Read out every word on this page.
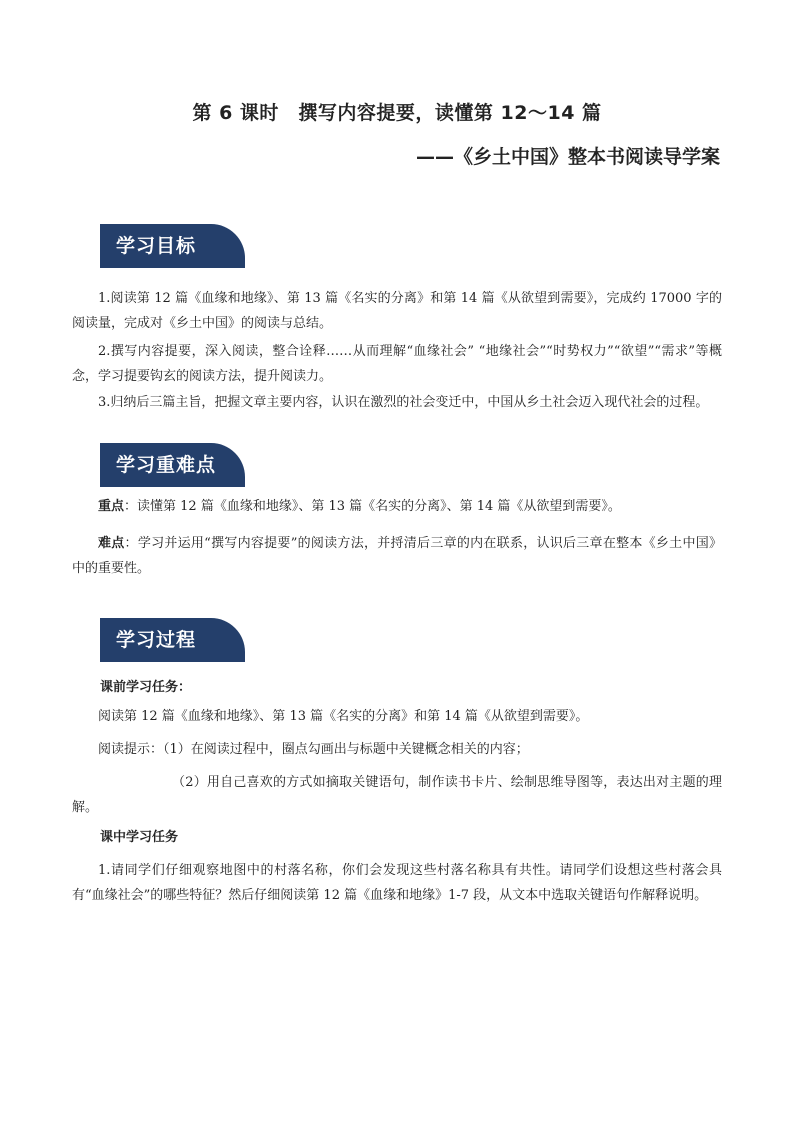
第 6 课时　撰写内容提要，读懂第 12～14 篇
——《乡土中国》整本书阅读导学案
学习目标
1.阅读第 12 篇《血缘和地缘》、第 13 篇《名实的分离》和第 14 篇《从欲望到需要》，完成约 17000 字的阅读量，完成对《乡土中国》的阅读与总结。
2.撰写内容提要，深入阅读，整合诠释……从而理解“血缘社会” “地缘社会”“时势权力”“欲望”“需求”等概念，学习提要钩玄的阅读方法，提升阅读力。
3.归纳后三篇主旨，把握文章主要内容，认识在激烈的社会变迁中，中国从乡土社会迈入现代社会的过程。
学习重难点
重点：读懂第 12 篇《血缘和地缘》、第 13 篇《名实的分离》、第 14 篇《从欲望到需要》。
难点：学习并运用“撰写内容提要”的阅读方法，并捋清后三章的内在联系，认识后三章在整本《乡土中国》中的重要性。
学习过程
课前学习任务：
阅读第 12 篇《血缘和地缘》、第 13 篇《名实的分离》和第 14 篇《从欲望到需要》。
阅读提示：（1）在阅读过程中，圈点勾画出与标题中关键概念相关的内容；
（2）用自己喜欢的方式如摘取关键语句，制作读书卡片、绘制思维导图等，表达出对主题的理解。
课中学习任务
1.请同学们仔细观察地图中的村落名称，你们会发现这些村落名称具有共性。请同学们设想这些村落会具有“血缘社会”的哪些特征？然后仔细阅读第 12 篇《血缘和地缘》1-7 段，从文本中选取关键语句作解释说明。
